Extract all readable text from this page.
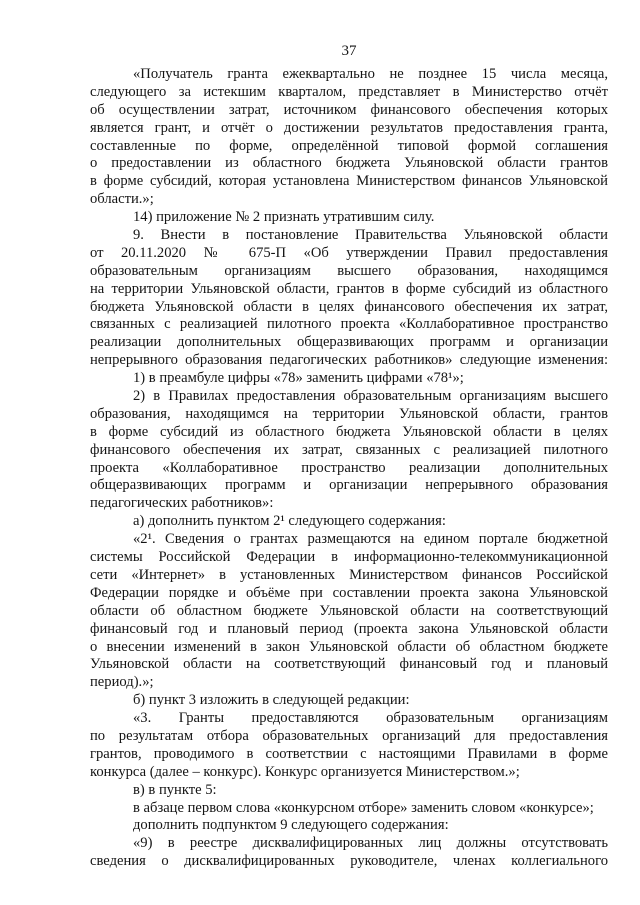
37
«Получатель гранта ежеквартально не позднее 15 числа месяца,
следующего за истекшим кварталом, представляет в Министерство отчёт
об осуществлении затрат, источником финансового обеспечения которых
является грант, и отчёт о достижении результатов предоставления гранта,
составленные по форме, определённой типовой формой соглашения
о предоставлении из областного бюджета Ульяновской области грантов
в форме субсидий, которая установлена Министерством финансов Ульяновской
области.»;
14) приложение № 2 признать утратившим силу.
9. Внести в постановление Правительства Ульяновской области
от 20.11.2020 № 675-П «Об утверждении Правил предоставления
образовательным организациям высшего образования, находящимся
на территории Ульяновской области, грантов в форме субсидий из областного
бюджета Ульяновской области в целях финансового обеспечения их затрат,
связанных с реализацией пилотного проекта «Коллаборативное пространство
реализации дополнительных общеразвивающих программ и организации
непрерывного образования педагогических работников» следующие изменения:
1) в преамбуле цифры «78» заменить цифрами «78¹»;
2) в Правилах предоставления образовательным организациям высшего
образования, находящимся на территории Ульяновской области, грантов
в форме субсидий из областного бюджета Ульяновской области в целях
финансового обеспечения их затрат, связанных с реализацией пилотного
проекта «Коллаборативное пространство реализации дополнительных
общеразвивающих программ и организации непрерывного образования
педагогических работников»:
а) дополнить пунктом 2¹ следующего содержания:
«2¹. Сведения о грантах размещаются на едином портале бюджетной
системы Российской Федерации в информационно-телекоммуникационной
сети «Интернет» в установленных Министерством финансов Российской
Федерации порядке и объёме при составлении проекта закона Ульяновской
области об областном бюджете Ульяновской области на соответствующий
финансовый год и плановый период (проекта закона Ульяновской области
о внесении изменений в закон Ульяновской области об областном бюджете
Ульяновской области на соответствующий финансовый год и плановый
период).»;
б) пункт 3 изложить в следующей редакции:
«3. Гранты предоставляются образовательным организациям
по результатам отбора образовательных организаций для предоставления
грантов, проводимого в соответствии с настоящими Правилами в форме
конкурса (далее – конкурс). Конкурс организуется Министерством.»;
в) в пункте 5:
в абзаце первом слова «конкурсном отборе» заменить словом «конкурсе»;
дополнить подпунктом 9 следующего содержания:
«9) в реестре дисквалифицированных лиц должны отсутствовать
сведения о дисквалифицированных руководителе, членах коллегиального
